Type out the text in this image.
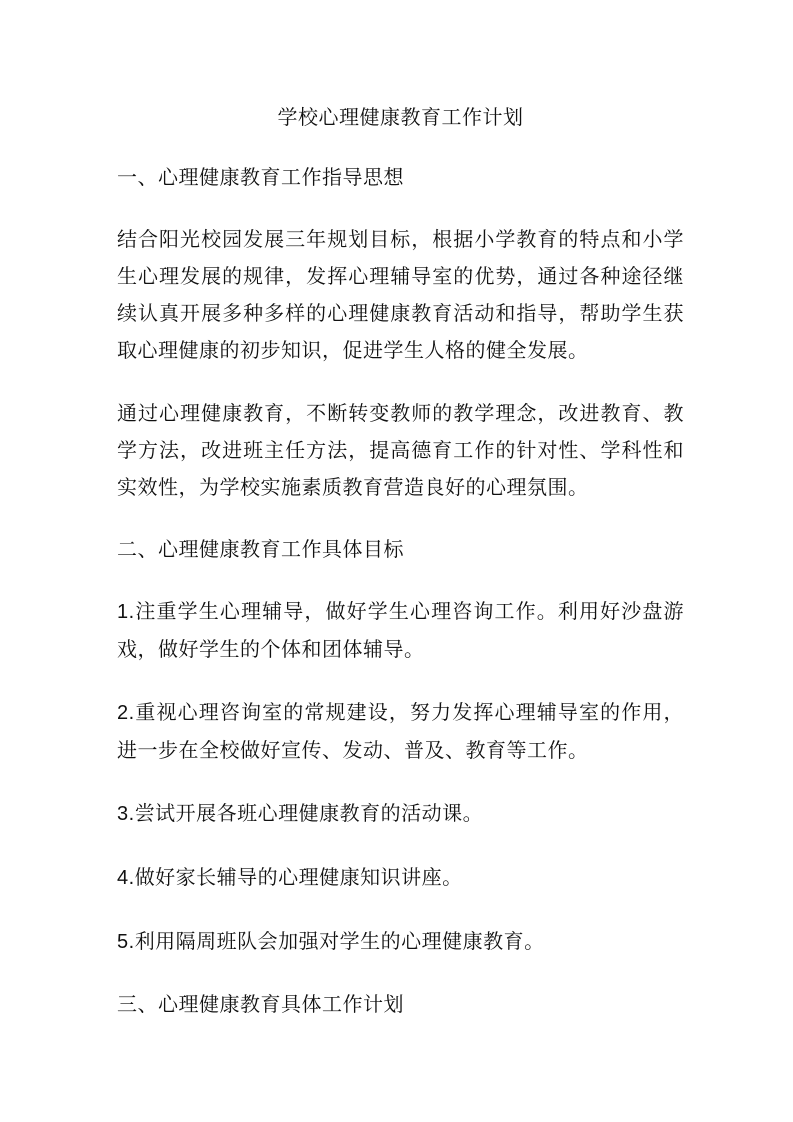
学校心理健康教育工作计划
一、心理健康教育工作指导思想

结合阳光校园发展三年规划目标，根据小学教育的特点和小学生心理发展的规律，发挥心理辅导室的优势，通过各种途径继续认真开展多种多样的心理健康教育活动和指导，帮助学生获取心理健康的初步知识，促进学生人格的健全发展。

通过心理健康教育，不断转变教师的教学理念，改进教育、教学方法，改进班主任方法，提高德育工作的针对性、学科性和实效性，为学校实施素质教育营造良好的心理氛围。

二、心理健康教育工作具体目标

1.注重学生心理辅导，做好学生心理咨询工作。利用好沙盘游戏，做好学生的个体和团体辅导。

2.重视心理咨询室的常规建设，努力发挥心理辅导室的作用，进一步在全校做好宣传、发动、普及、教育等工作。

3.尝试开展各班心理健康教育的活动课。

4.做好家长辅导的心理健康知识讲座。

5.利用隔周班队会加强对学生的心理健康教育。

三、心理健康教育具体工作计划
